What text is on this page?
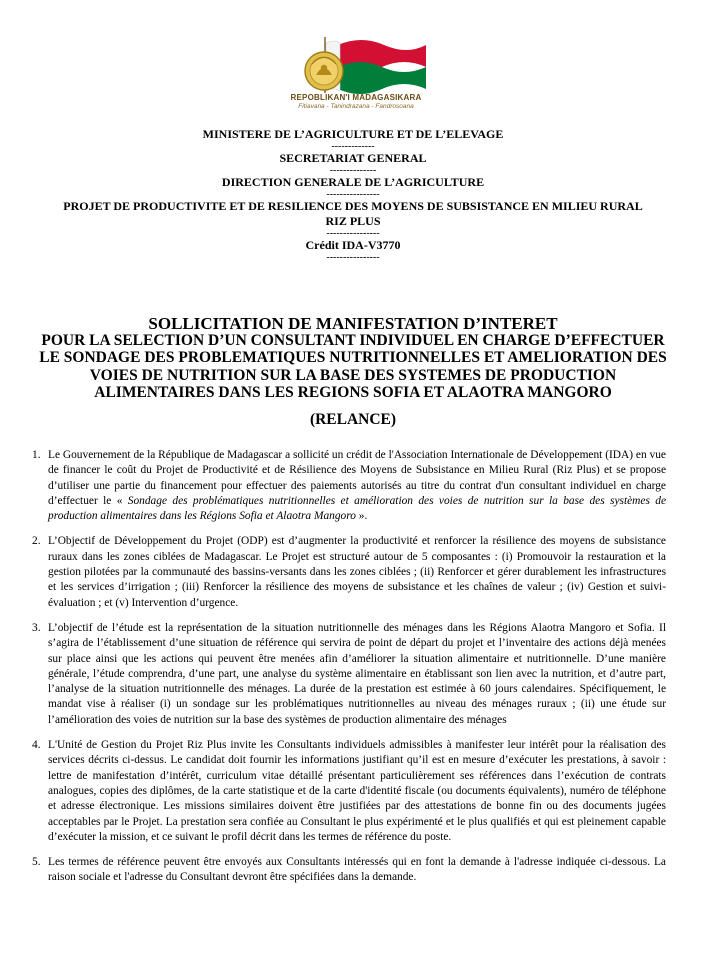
REPOBLIKAN'I MADAGASIKARA
Fitiavana - Tanindrazana - Fandrosoana
MINISTERE DE L’AGRICULTURE ET DE L’ELEVAGE
-------------
SECRETARIAT GENERAL
--------------
DIRECTION GENERALE DE L’AGRICULTURE
----------------
PROJET DE PRODUCTIVITE ET DE RESILIENCE DES MOYENS DE SUBSISTANCE EN MILIEU RURAL
RIZ PLUS
----------------
Crédit IDA-V3770
----------------
SOLLICITATION DE MANIFESTATION D’INTERET
POUR LA SELECTION D’UN CONSULTANT INDIVIDUEL EN CHARGE D’EFFECTUER
LE SONDAGE DES PROBLEMATIQUES NUTRITIONNELLES ET AMELIORATION DES
VOIES DE NUTRITION SUR LA BASE DES SYSTEMES DE PRODUCTION
ALIMENTAIRES DANS LES REGIONS SOFIA ET ALAOTRA MANGORO
(RELANCE)
1. Le Gouvernement de la République de Madagascar a sollicité un crédit de l'Association Internationale de Développement (IDA) en vue de financer le coût du Projet de Productivité et de Résilience des Moyens de Subsistance en Milieu Rural (Riz Plus) et se propose d’utiliser une partie du financement pour effectuer des paiements autorisés au titre du contrat d'un consultant individuel en charge d’effectuer le « Sondage des problématiques nutritionnelles et amélioration des voies de nutrition sur la base des systèmes de production alimentaires dans les Régions Sofia et Alaotra Mangoro ».
2. L’Objectif de Développement du Projet (ODP) est d’augmenter la productivité et renforcer la résilience des moyens de subsistance ruraux dans les zones ciblées de Madagascar. Le Projet est structuré autour de 5 composantes : (i) Promouvoir la restauration et la gestion pilotées par la communauté des bassins-versants dans les zones ciblées ; (ii) Renforcer et gérer durablement les infrastructures et les services d’irrigation ; (iii) Renforcer la résilience des moyens de subsistance et les chaînes de valeur ; (iv) Gestion et suivi-évaluation ; et (v) Intervention d’urgence.
3. L’objectif de l’étude est la représentation de la situation nutritionnelle des ménages dans les Régions Alaotra Mangoro et Sofia. Il s’agira de l’établissement d’une situation de référence qui servira de point de départ du projet et l’inventaire des actions déjà menées sur place ainsi que les actions qui peuvent être menées afin d’améliorer la situation alimentaire et nutritionnelle. D’une manière générale, l’étude comprendra, d’une part, une analyse du système alimentaire en établissant son lien avec la nutrition, et d’autre part, l’analyse de la situation nutritionnelle des ménages. La durée de la prestation est estimée à 60 jours calendaires. Spécifiquement, le mandat vise à réaliser (i) un sondage sur les problématiques nutritionnelles au niveau des ménages ruraux ; (ii) une étude sur l’amélioration des voies de nutrition sur la base des systèmes de production alimentaire des ménages
4. L'Unité de Gestion du Projet Riz Plus invite les Consultants individuels admissibles à manifester leur intérêt pour la réalisation des services décrits ci-dessus. Le candidat doit fournir les informations justifiant qu’il est en mesure d’exécuter les prestations, à savoir : lettre de manifestation d’intérêt, curriculum vitae détaillé présentant particulièrement ses références dans l’exécution de contrats analogues, copies des diplômes, de la carte statistique et de la carte d'identité fiscale (ou documents équivalents), numéro de téléphone et adresse électronique. Les missions similaires doivent être justifiées par des attestations de bonne fin ou des documents jugées acceptables par le Projet. La prestation sera confiée au Consultant le plus expérimenté et le plus qualifiés et qui est pleinement capable d’exécuter la mission, et ce suivant le profil décrit dans les termes de référence du poste.
5. Les termes de référence peuvent être envoyés aux Consultants intéressés qui en font la demande à l'adresse indiquée ci-dessous. La raison sociale et l'adresse du Consultant devront être spécifiées dans la demande.
